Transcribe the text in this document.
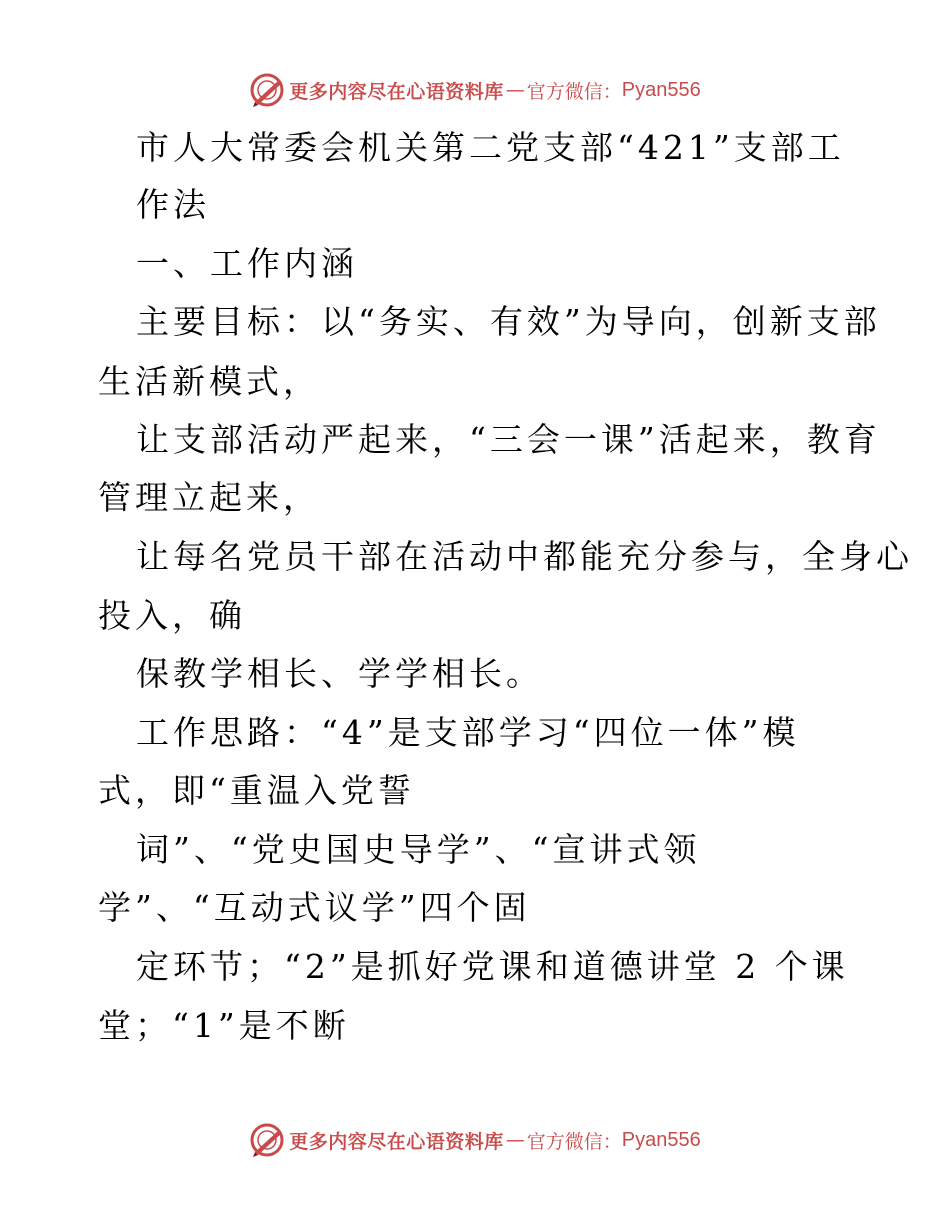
更多内容尽在心语资料库 — 官方微信： Pyan556
市人大常委会机关第二党支部“421”支部工
作法
一、工作内涵
主要目标：以“务实、有效”为导向，创新支部
生活新模式，
让支部活动严起来，“三会一课”活起来，教育
管理立起来，
让每名党员干部在活动中都能充分参与，全身心
投入，确
保教学相长、学学相长。
工作思路：“4”是支部学习“四位一体”模
式，即“重温入党誓
词”、“党史国史导学”、“宣讲式领
学”、“互动式议学”四个固
定环节；“2”是抓好党课和道德讲堂 2 个课
堂；“1”是不断
更多内容尽在心语资料库 — 官方微信： Pyan556
